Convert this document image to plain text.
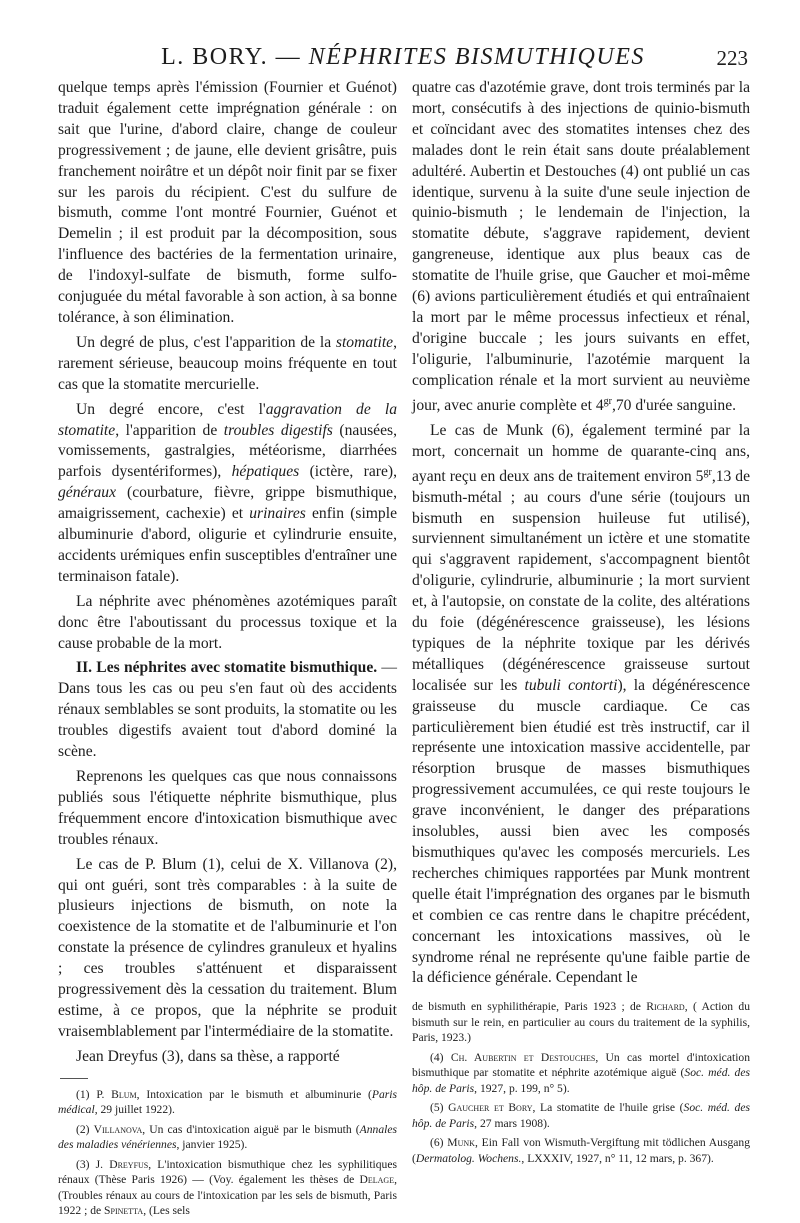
L. BORY. — NÉPHRITES BISMUTHIQUES	223

quelque temps après l'émission (Fournier et Guénot) traduit également cette imprégnation générale : on sait que l'urine, d'abord claire, change de couleur progressivement ; de jaune, elle devient grisâtre, puis franchement noirâtre et un dépôt noir finit par se fixer sur les parois du récipient. C'est du sulfure de bismuth, comme l'ont montré Fournier, Guénot et Demelin ; il est produit par la décomposition, sous l'influence des bactéries de la fermentation urinaire, de l'indoxyl-sulfate de bismuth, forme sulfo-conjuguée du métal favorable à son action, à sa bonne tolérance, à son élimination.

Un degré de plus, c'est l'apparition de la stomatite, rarement sérieuse, beaucoup moins fréquente en tout cas que la stomatite mercurielle.

Un degré encore, c'est l'aggravation de la stomatite, l'apparition de troubles digestifs (nausées, vomissements, gastralgies, météorisme, diarrhées parfois dysentériformes), hépatiques (ictère, rare), généraux (courbature, fièvre, grippe bismuthique, amaigrissement, cachexie) et urinaires enfin (simple albuminurie d'abord, oligurie et cylindrurie ensuite, accidents urémiques enfin susceptibles d'entraîner une terminaison fatale).

La néphrite avec phénomènes azotémiques paraît donc être l'aboutissant du processus toxique et la cause probable de la mort.

II. Les néphrites avec stomatite bismuthique. — Dans tous les cas ou peu s'en faut où des accidents rénaux semblables se sont produits, la stomatite ou les troubles digestifs avaient tout d'abord dominé la scène.

Reprenons les quelques cas que nous connaissons publiés sous l'étiquette néphrite bismuthique, plus fréquemment encore d'intoxication bismuthique avec troubles rénaux.

Le cas de P. Blum (1), celui de X. Villanova (2), qui ont guéri, sont très comparables : à la suite de plusieurs injections de bismuth, on note la coexistence de la stomatite et de l'albuminurie et l'on constate la présence de cylindres granuleux et hyalins ; ces troubles s'atténuent et disparaissent progressivement dès la cessation du traitement. Blum estime, à ce propos, que la néphrite se produit vraisemblablement par l'intermédiaire de la stomatite.

Jean Dreyfus (3), dans sa thèse, a rapporté

(1) P. Blum, Intoxication par le bismuth et albuminurie (Paris médical, 29 juillet 1922).

(2) Villanova, Un cas d'intoxication aiguë par le bismuth (Annales des maladies vénériennes, janvier 1925).

(3) J. Dreyfus, L'intoxication bismuthique chez les syphilitiques rénaux (Thèse Paris 1926) — (Voy. également les thèses de Delage, (Troubles rénaux au cours de l'intoxication par les sels de bismuth, Paris 1922 ; de Spinetta, (Les sels

quatre cas d'azotémie grave, dont trois terminés par la mort, consécutifs à des injections de quinio-bismuth et coïncidant avec des stomatites intenses chez des malades dont le rein était sans doute préalablement adultéré. Aubertin et Destouches (4) ont publié un cas identique, survenu à la suite d'une seule injection de quinio-bismuth ; le lendemain de l'injection, la stomatite débute, s'aggrave rapidement, devient gangreneuse, identique aux plus beaux cas de stomatite de l'huile grise, que Gaucher et moi-même (6) avions particulièrement étudiés et qui entraînaient la mort par le même processus infectieux et rénal, d'origine buccale ; les jours suivants en effet, l'oligurie, l'albuminurie, l'azotémie marquent la complication rénale et la mort survient au neuvième jour, avec anurie complète et $4^{gr},70$ d'urée sanguine.

Le cas de Munk (6), également terminé par la mort, concernait un homme de quarante-cinq ans, ayant reçu en deux ans de traitement environ $5^{gr},13$ de bismuth-métal ; au cours d'une série (toujours un bismuth en suspension huileuse fut utilisé), surviennent simultanément un ictère et une stomatite qui s'aggravent rapidement, s'accompagnent bientôt d'oligurie, cylindrurie, albuminurie ; la mort survient et, à l'autopsie, on constate de la colite, des altérations du foie (dégénérescence graisseuse), les lésions typiques de la néphrite toxique par les dérivés métalliques (dégénérescence graisseuse surtout localisée sur les tubuli contorti), la dégénérescence graisseuse du muscle cardiaque. Ce cas particulièrement bien étudié est très instructif, car il représente une intoxication massive accidentelle, par résorption brusque de masses bismuthiques progressivement accumulées, ce qui reste toujours le grave inconvénient, le danger des préparations insolubles, aussi bien avec les composés bismuthiques qu'avec les composés mercuriels. Les recherches chimiques rapportées par Munk montrent quelle était l'imprégnation des organes par le bismuth et combien ce cas rentre dans le chapitre précédent, concernant les intoxications massives, où le syndrome rénal ne représente qu'une faible partie de la déficience générale. Cependant le

de bismuth en syphilithérapie, Paris 1923 ; de Richard, ( Action du bismuth sur le rein, en particulier au cours du traitement de la syphilis, Paris, 1923.)

(4) Ch. Aubertin et Destouches, Un cas mortel d'intoxication bismuthique par stomatite et néphrite azotémique aiguë (Soc. méd. des hôp. de Paris, 1927, p. 199, n° 5).

(5) Gaucher et Bory, La stomatite de l'huile grise (Soc. méd. des hôp. de Paris, 27 mars 1908).

(6) Munk, Ein Fall von Wismuth-Vergiftung mit tödlichen Ausgang (Dermatolog. Wochens., LXXXIV, 1927, n° 11, 12 mars, p. 367).
